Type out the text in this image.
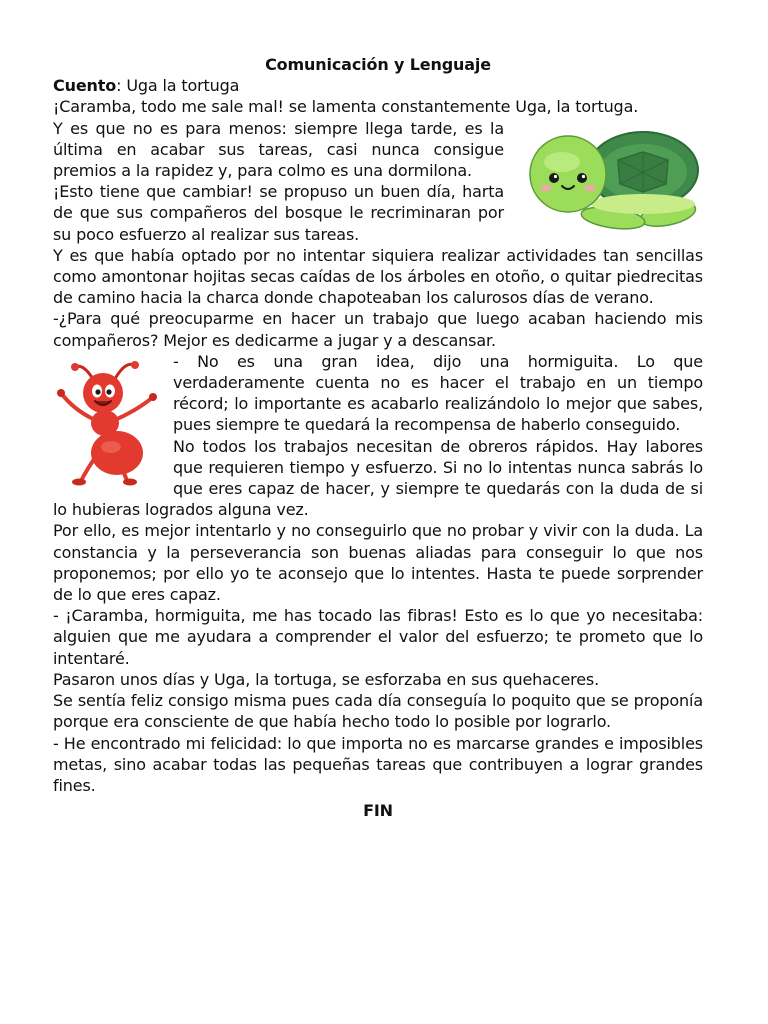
Comunicación y Lenguaje

Cuento: Uga la tortuga

¡Caramba, todo me sale mal! se lamenta constantemente Uga, la tortuga.

Y es que no es para menos: siempre llega tarde, es la última en acabar sus tareas, casi nunca consigue premios a la rapidez y, para colmo es una dormilona.

¡Esto tiene que cambiar! se propuso un buen día, harta de que sus compañeros del bosque le recriminaran por su poco esfuerzo al realizar sus tareas.

Y es que había optado por no intentar siquiera realizar actividades tan sencillas como amontonar hojitas secas caídas de los árboles en otoño, o quitar piedrecitas de camino hacia la charca donde chapoteaban los calurosos días de verano.

-¿Para qué preocuparme en hacer un trabajo que luego acaban haciendo mis compañeros? Mejor es dedicarme a jugar y a descansar.

- No es una gran idea, dijo una hormiguita. Lo que verdaderamente cuenta no es hacer el trabajo en un tiempo récord; lo importante es acabarlo realizándolo lo mejor que sabes, pues siempre te quedará la recompensa de haberlo conseguido.

No todos los trabajos necesitan de obreros rápidos. Hay labores que requieren tiempo y esfuerzo. Si no lo intentas nunca sabrás lo que eres capaz de hacer, y siempre te quedarás con la duda de si lo hubieras logrados alguna vez.

Por ello, es mejor intentarlo y no conseguirlo que no probar y vivir con la duda. La constancia y la perseverancia son buenas aliadas para conseguir lo que nos proponemos; por ello yo te aconsejo que lo intentes. Hasta te puede sorprender de lo que eres capaz.

- ¡Caramba, hormiguita, me has tocado las fibras! Esto es lo que yo necesitaba: alguien que me ayudara a comprender el valor del esfuerzo; te prometo que lo intentaré.

Pasaron unos días y Uga, la tortuga, se esforzaba en sus quehaceres.

Se sentía feliz consigo misma pues cada día conseguía lo poquito que se proponía porque era consciente de que había hecho todo lo posible por lograrlo.

- He encontrado mi felicidad: lo que importa no es marcarse grandes e imposibles metas, sino acabar todas las pequeñas tareas que contribuyen a lograr grandes fines.

FIN
